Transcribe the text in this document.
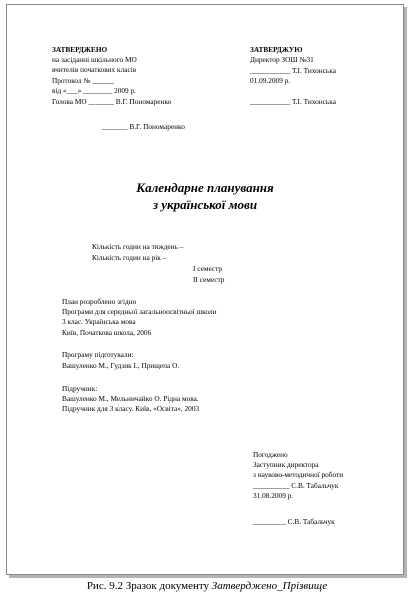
ЗАТВЕРДЖЕНО
на засіданні шкільного МО
вчителів початкових класів
Протокол № ______
від «___» ________ 2009 р.
Голова МО _______ В.Г. Пономаренко
_______ В.Г. Пономаренко
ЗАТВЕРДЖУЮ
Директор ЗОШ №31
___________ Т.І. Тихонська
01.09.2009 р.
___________ Т.І. Тихонська
Календарне планування
з української мови
Кількість годин на тиждень –
Кількість годин на рік –
І семестр
ІІ семестр
План розроблено згідно
Програми для середньої загальноосвітньої школи
3 клас. Українська мова
Київ, Початкова школа, 2006
Програму підготували:
Вашуленко М., Гудзик І., Прищепа О.
Підручник:
Вашуленко М., Мельничайко О. Рідна мова.
Підручник для 3 класу. Київ, «Освіта», 2003
Погоджено
Заступник директора
з науково-методичної роботи
__________ С.В. Табальчук
31.08.2009 р.
_________ С.В. Табальчук
Рис. 9.2 Зразок документу Затверджено_Прізвище
